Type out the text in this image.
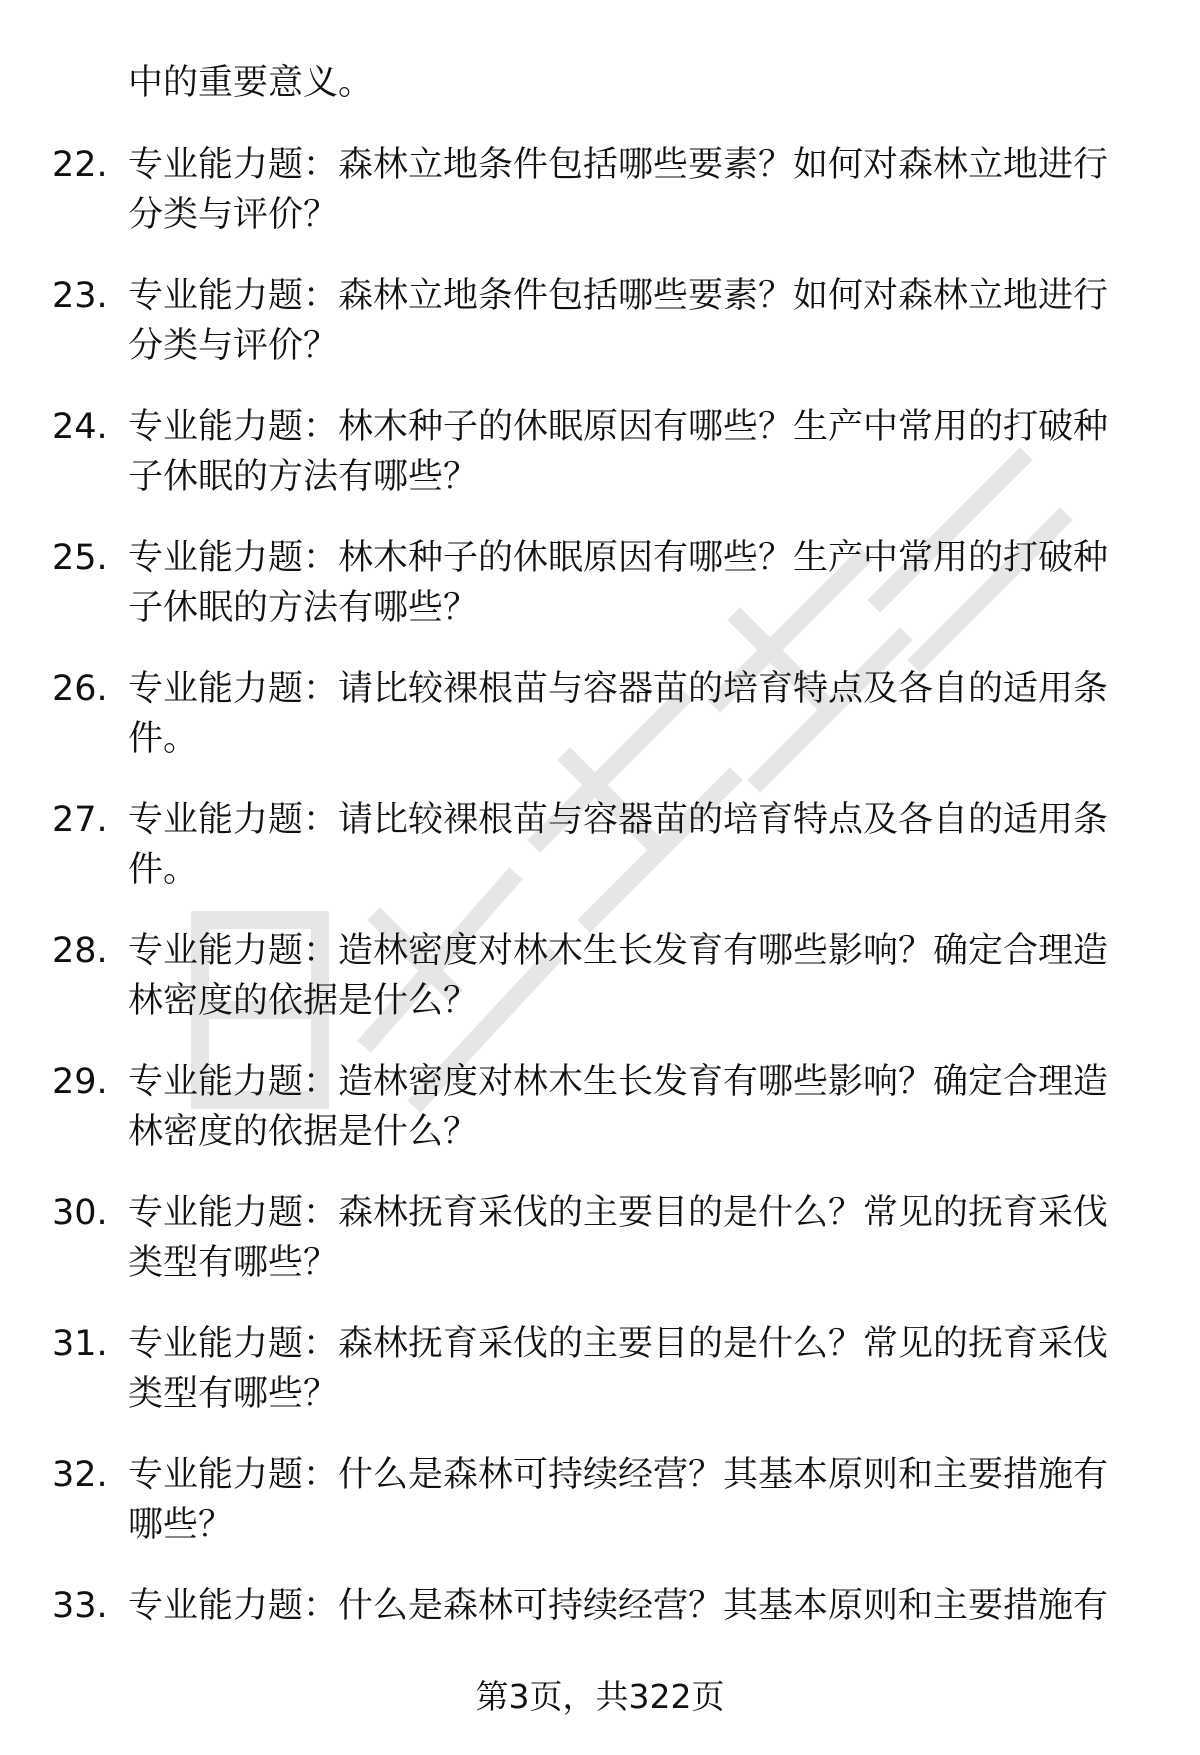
中的重要意义。

22. 专业能力题：森林立地条件包括哪些要素？如何对森林立地进行分类与评价？
23. 专业能力题：森林立地条件包括哪些要素？如何对森林立地进行分类与评价？
24. 专业能力题：林木种子的休眠原因有哪些？生产中常用的打破种子休眠的方法有哪些？
25. 专业能力题：林木种子的休眠原因有哪些？生产中常用的打破种子休眠的方法有哪些？
26. 专业能力题：请比较裸根苗与容器苗的培育特点及各自的适用条件。
27. 专业能力题：请比较裸根苗与容器苗的培育特点及各自的适用条件。
28. 专业能力题：造林密度对林木生长发育有哪些影响？确定合理造林密度的依据是什么？
29. 专业能力题：造林密度对林木生长发育有哪些影响？确定合理造林密度的依据是什么？
30. 专业能力题：森林抚育采伐的主要目的是什么？常见的抚育采伐类型有哪些？
31. 专业能力题：森林抚育采伐的主要目的是什么？常见的抚育采伐类型有哪些？
32. 专业能力题：什么是森林可持续经营？其基本原则和主要措施有哪些？
33. 专业能力题：什么是森林可持续经营？其基本原则和主要措施有
第3页，共322页
